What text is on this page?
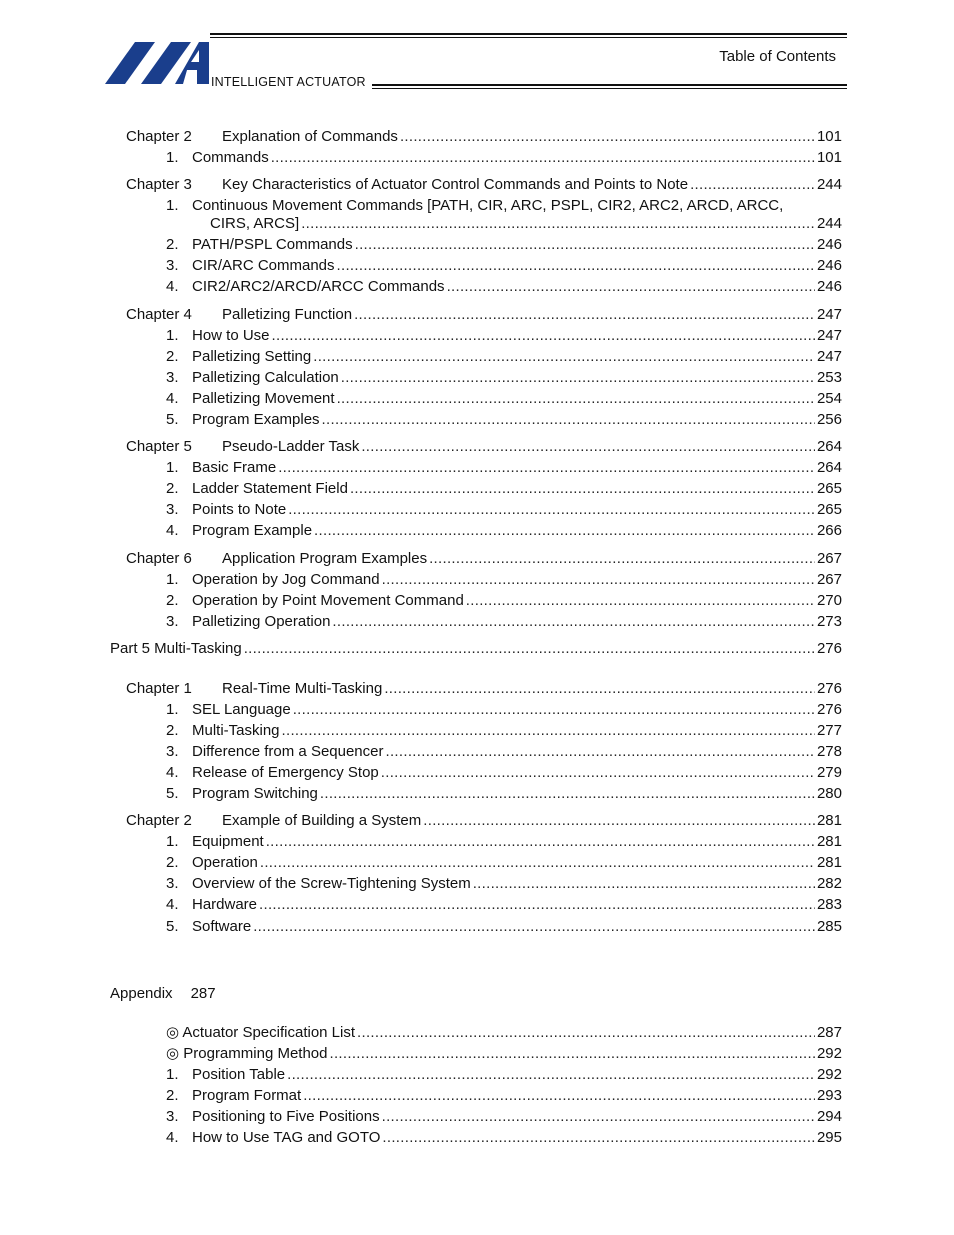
INTELLIGENT ACTUATOR
Table of Contents
Chapter 2 Explanation of Commands .....	101
1. Commands .....	101
Chapter 3 Key Characteristics of Actuator Control Commands and Points to Note .....	244
1. Continuous Movement Commands [PATH, CIR, ARC, PSPL, CIR2, ARC2, ARCD, ARCC,
CIRS, ARCS] .....	244
2. PATH/PSPL Commands .....	246
3. CIR/ARC Commands .....	246
4. CIR2/ARC2/ARCD/ARCC Commands .....	246
Chapter 4 Palletizing Function .....	247
1. How to Use .....	247
2. Palletizing Setting .....	247
3. Palletizing Calculation .....	253
4. Palletizing Movement .....	254
5. Program Examples .....	256
Chapter 5 Pseudo-Ladder Task .....	264
1. Basic Frame .....	264
2. Ladder Statement Field .....	265
3. Points to Note .....	265
4. Program Example .....	266
Chapter 6 Application Program Examples .....	267
1. Operation by Jog Command .....	267
2. Operation by Point Movement Command .....	270
3. Palletizing Operation .....	273
Part 5 Multi-Tasking .....	276
Chapter 1 Real-Time Multi-Tasking .....	276
1. SEL Language .....	276
2. Multi-Tasking .....	277
3. Difference from a Sequencer .....	278
4. Release of Emergency Stop .....	279
5. Program Switching .....	280
Chapter 2 Example of Building a System .....	281
1. Equipment .....	281
2. Operation .....	281
3. Overview of the Screw-Tightening System .....	282
4. Hardware .....	283
5. Software .....	285
Appendix 287
◎ Actuator Specification List .....	287
◎ Programming Method .....	292
1. Position Table .....	292
2. Program Format .....	293
3. Positioning to Five Positions .....	294
4. How to Use TAG and GOTO .....	295
